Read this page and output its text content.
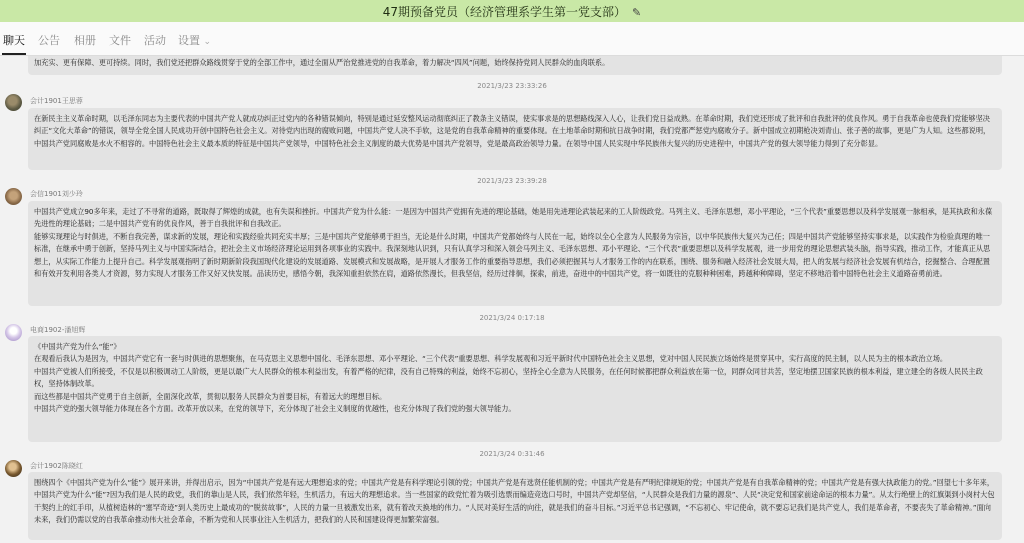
47期预备党员（经济管理系学生第一党支部） ✎
聊天 公告 相册 文件 活动 设置 ⌄
加充实、更有保障、更可持续。同时，我们党还把群众路线贯穿于党的全部工作中，通过全面从严治党推进党的自我革命，着力解决“四风”问题，始终保持党同人民群众的血肉联系。
2021/3/23 23:33:26
会计1901王思蓉
在新民主主义革命时期，以毛泽东同志为主要代表的中国共产党人就成功纠正过党内的各种错误倾向，特别是通过延安整风运动彻底纠正了教条主义错误，使实事求是的思想路线深入人心，让我们党日益成熟。在革命时期，我们党还形成了批评和自我批评的优良作风。勇于自我革命也使我们党能够坚决纠正“文化大革命”的错误，领导全党全国人民成功开创中国特色社会主义。对待党内出现的腐败问题，中国共产党人决不手软，这是党的自我革命精神的重要体现。在土地革命时期和抗日战争时期，我们党都严惩党内腐败分子。新中国成立初期枪决刘青山、张子善的故事，更是广为人知。这些都说明，中国共产党同腐败是水火不相容的。中国特色社会主义最本质的特征是中国共产党领导，中国特色社会主义制度的最大优势是中国共产党领导，党是最高政治领导力量。在领导中国人民实现中华民族伟大复兴的历史进程中，中国共产党的强大领导能力得到了充分彰显。
2021/3/23 23:39:28
会信1901刘少玲
中国共产党成立90多年来，走过了不寻常的道路，既取得了辉煌的成就，也有失误和挫折。中国共产党为什么能：一是因为中国共产党拥有先进的理论基础，她是用先进理论武装起来的工人阶级政党。马列主义、毛泽东思想，邓小平理论，“三个代表”重要思想以及科学发展观一脉相承，是其执政和永葆先进性的理论基础；二是中国共产党有的优良作风，善于自我批评和自我改正。
能够实现理论与时俱进，不断自我完善，谋求新的发展，理论和实践经验共同充实丰厚；三是中国共产党能够勇于担当，无论是什么时期，中国共产党都始终与人民在一起，始终以全心全意为人民服务为宗旨，以中华民族伟大复兴为己任；四是中国共产党能够坚持实事求是，以实践作为检验真理的唯一标准，在继承中勇于创新，坚持马列主义与中国实际结合，把社会主义市场经济理论运用到各项事业的实践中。我深刻地认识到，只有认真学习和深入领会马列主义、毛泽东思想、邓小平理论、“三个代表”重要思想以及科学发展观，进一步用党的理论思想武装头脑，指导实践，推动工作，才能真正从思想上，从实际工作能力上提升自己。科学发展观指明了新时期新阶段我国现代化建设的发展道路、发展模式和发展战略，是开展人才服务工作的重要指导思想，我们必须把握其与人才服务工作的内在联系，围绕、服务和融入经济社会发展大局，把人的发展与经济社会发展有机结合，挖掘整合、合理配置和有效开发利用各类人才资源，努力实现人才服务工作又好又快发展。品读历史，感悟今朝，我深知重担依然在肩，道路依然漫长，但我坚信，经历过徘徊，探索，前进，奋进中的中国共产党，将一如既往的克服种种困难，跨越种种障碍，坚定不移地沿着中国特色社会主义道路奋勇前进。
2021/3/24 0:17:18
电商1902-潘旭辉
《中国共产党为什么“能”》
在观看后我认为是因为，中国共产党它有一套与时俱进的思想聚焦，在马克思主义思想中国化、毛泽东思想、邓小平理论、“三个代表”重要思想、科学发展观和习近平新时代中国特色社会主义思想，党对中国人民民族立场始终是贯穿其中，实行高度的民主制，以人民为主的根本政治立场。
中国共产党被人们所接受，不仅是以积极调动工人阶级，更是以最广大人民群众的根本利益出发，有着严格的纪律，没有自己特殊的利益，始终不忘初心，坚持全心全意为人民服务，在任何时候都把群众利益放在第一位，同群众同甘共苦，坚定地摆卫国家民族的根本利益，建立建全的各级人民民主政权，坚持体制改革。
而这些都是中国共产党勇于自主创新，全面深化改革，贯彻以服务人民群众为首要目标，有着远大的理想目标。
中国共产党的强大领导能力体现在各个方面。改革开放以来，在党的领导下，充分体现了社会主义制度的优越性，也充分体现了我们党的强大领导能力。
2021/3/24 0:31:46
会计1902陈晓红
围绕四个《中国共产党为什么“能”》展开来讲，并得出启示，因为“中国共产党是有远大理想追求的党；中国共产党是有科学理论引领的党；中国共产党是有选贤任能机制的党；中国共产党是有严明纪律规矩的党；中国共产党是有自我革命精神的党；中国共产党是有强大执政能力的党。”回望七十多年来，中国共产党为什么“能”?因为我们是人民的政党，我们的靠山是人民，我们依然年轻，生机活力，有远大的理想追求。当一些国家的政党忙着为吸引选票而编造竞选口号时，中国共产党却坚信，“人民群众是我们力量的源泉”、人民“决定党和国家前途命运的根本力量”。从太行绝壁上的红旗渠到小岗村大包干契约上的红手印，从植树造林的“塞罕奇迹”到人类历史上最成功的“脱贫故事”，人民的力量一旦被激发出来，就有着改天换地的伟力。“人民对美好生活的向往，就是我们的奋斗目标。”习近平总书记强调，“不忘初心、牢记使命，就不要忘记我们是共产党人，我们是革命者，不要丧失了革命精神。”面向未来，我们仍需以党的自我革命推动伟大社会革命，不断为党和人民事业注入生机活力，把我们的人民和国建设得更加繁荣富强。
